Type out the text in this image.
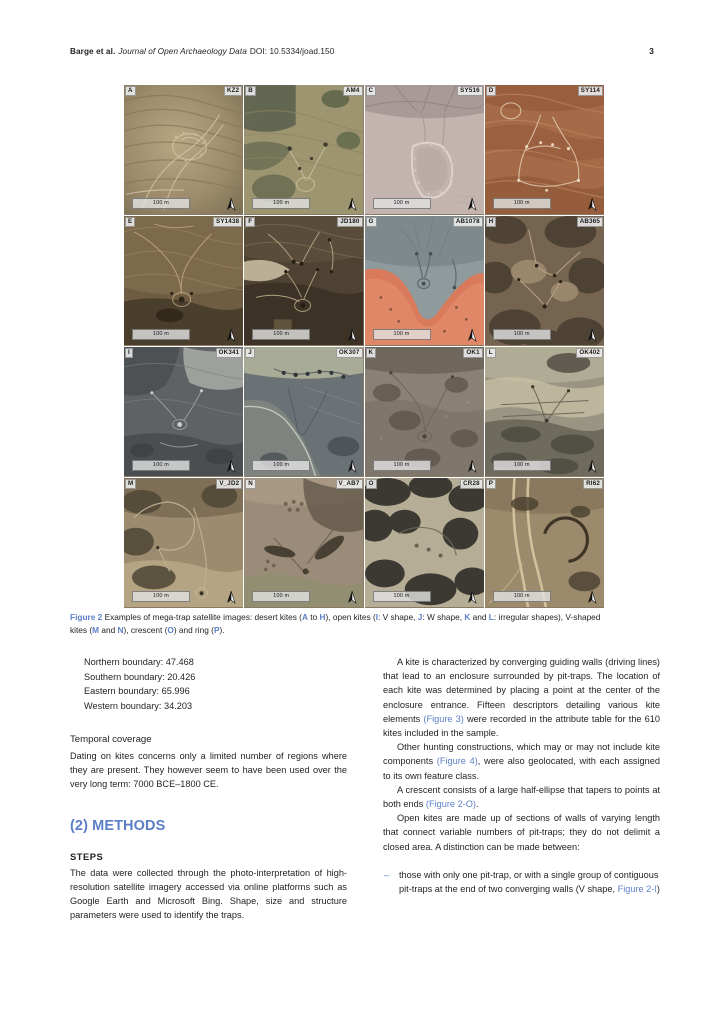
Barge et al. Journal of Open Archaeology Data DOI: 10.5334/joad.150	3
A	KZ2
100 m
B	AM4
100 m
C	SY516
100 m
D	SY114
100 m
E	SY1438
100 m
F	JD180
100 m
G	AB1078
100 m
H	AB365
100 m
I	OK341
100 m
J	OK307
100 m
K	OK1
100 m
L	OK402
100 m
M	V_JD2
100 m
N	V_AB7
100 m
O	CR28
100 m
P	RI62
100 m
Figure 2 Examples of mega-trap satellite images: desert kites (A to H), open kites (I: V shape, J: W shape, K and L: irregular shapes), V-shaped kites (M and N), crescent (O) and ring (P).
Northern boundary: 47.468
Southern boundary: 20.426
Eastern boundary: 65.996
Western boundary: 34.203
Temporal coverage

Dating on kites concerns only a limited number of regions where they are present. They however seem to have been used over the very long term: 7000 BCE–1800 CE.

(2) METHODS
STEPS

The data were collected through the photo-interpretation of high-resolution satellite imagery accessed via online platforms such as Google Earth and Microsoft Bing. Shape, size and structure parameters were used to identify the traps.

A kite is characterized by converging guiding walls (driving lines) that lead to an enclosure surrounded by pit-traps. The location of each kite was determined by placing a point at the center of the enclosure entrance. Fifteen descriptors detailing various kite elements (Figure 3) were recorded in the attribute table for the 610 kites included in the sample.

Other hunting constructions, which may or may not include kite components (Figure 4), were also geolocated, with each assigned to its own feature class.

A crescent consists of a large half-ellipse that tapers to points at both ends (Figure 2-O).

Open kites are made up of sections of walls of varying length that connect variable numbers of pit-traps; they do not delimit a closed area. A distinction can be made between:

– those with only one pit-trap, or with a single group of contiguous pit-traps at the end of two converging walls (V shape, Figure 2-I)
